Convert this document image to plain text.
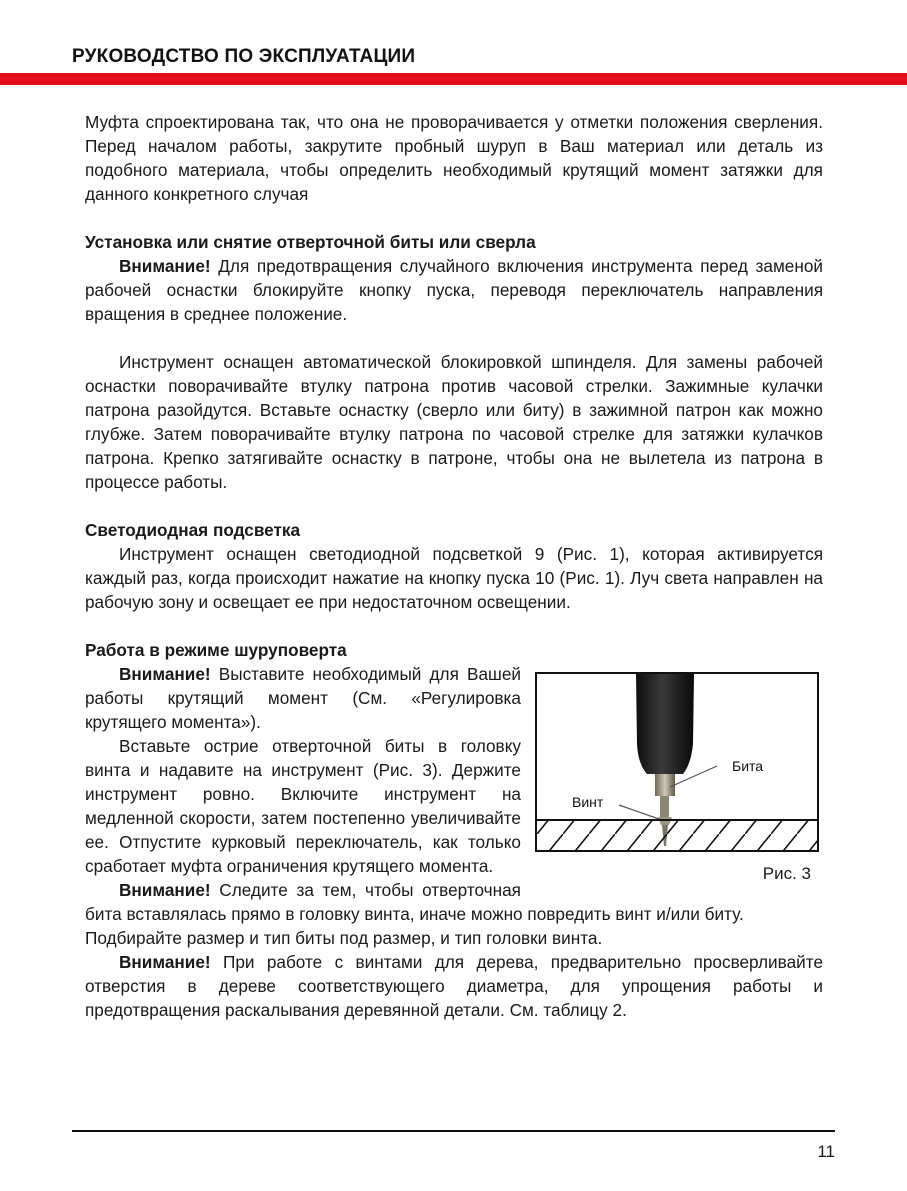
РУКОВОДСТВО ПО ЭКСПЛУАТАЦИИ

Муфта спроектирована так, что она не проворачивается у отметки положения сверления. Перед началом работы, закрутите пробный шуруп в Ваш материал или деталь из подобного материала, чтобы определить необходимый крутящий момент затяжки для данного конкретного случая

Установка или снятие отверточной биты или сверла

Внимание! Для предотвращения случайного включения инструмента перед заменой рабочей оснастки блокируйте кнопку пуска, переводя переключатель направления вращения в среднее положение.

Инструмент оснащен автоматической блокировкой шпинделя. Для замены рабочей оснастки поворачивайте втулку патрона против часовой стрелки. Зажимные кулачки патрона разойдутся. Вставьте оснастку (сверло или биту) в зажимной патрон как можно глубже. Затем поворачивайте втулку патрона по часовой стрелке для затяжки кулачков патрона. Крепко затягивайте оснастку в патроне, чтобы она не вылетела из патрона в процессе работы.

Светодиодная подсветка

Инструмент оснащен светодиодной подсветкой 9 (Рис. 1), которая активируется каждый раз, когда происходит нажатие на кнопку пуска 10 (Рис. 1). Луч света направлен на рабочую зону и освещает ее при недостаточном освещении.

Работа в режиме шуруповерта

Бита
Винт
Рис. 3

Внимание! Выставите необходимый для Вашей работы крутящий момент (См. «Регулировка крутящего момента»).

Вставьте острие отверточной биты в головку винта и надавите на инструмент (Рис. 3). Держите инструмент ровно. Включите инструмент на медленной скорости, затем постепенно увеличивайте ее. Отпустите курковый переключатель, как только сработает муфта ограничения крутящего момента.

Внимание! Следите за тем, чтобы отверточная бита вставлялась прямо в головку винта, иначе можно повредить винт и/или биту.

Подбирайте размер и тип биты под размер, и тип головки винта.

Внимание! При работе с винтами для дерева, предварительно просверливайте отверстия в дереве соответствующего диаметра, для упрощения работы и предотвращения раскалывания деревянной детали. См. таблицу 2.

11
